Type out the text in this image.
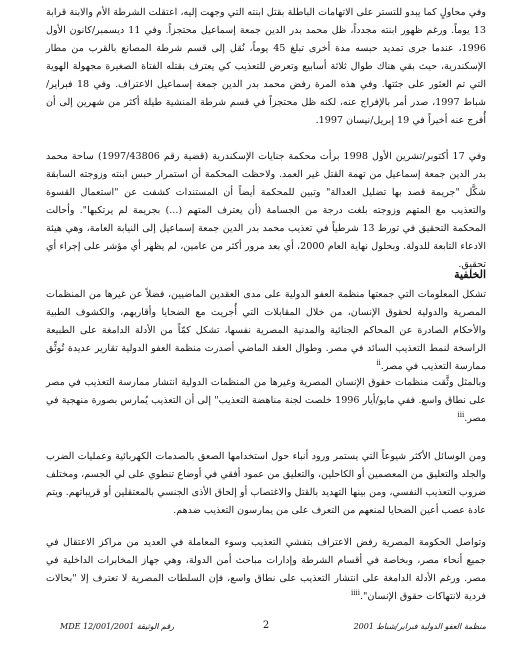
وفي محاولٍ كما يبدو للتستر على الاتهامات الباطلة بقتل ابنته التي وجهت إليه، اعتقلت الشرطة الأم والابنة قرابة 13 يوماً. ورغم ظهور ابنته مجدداً، ظل محمد بدر الدين جمعة إسماعيل محتجزاً. وفي 11 ديسمبر/كانون الأول 1996، عندما جرى تمديد حبسه مدة أخرى تبلغ 45 يوماً، نُقل إلى قسم شرطة المصانع بالقرب من مطار الإسكندرية، حيث بقي هناك طوال ثلاثة أسابيع وتعرض للتعذيب كي يعترف بقتله الفتاة الصغيرة مجهولة الهوية التي تم العثور على جثتها. وفي هذه المرة رفض محمد بدر الدين جمعة إسماعيل الاعتراف. وفي 18 فبراير/شباط 1997، صدر أمر بالإفراج عنه، لكنه ظل محتجزاً في قسم شرطة المنشية طيلة أكثر من شهرين إلى أن أُفرج عنه أخيراً في 19 إبريل/نيسان 1997.
وفي 17 أكتوبر/تشرين الأول 1998 برأت محكمة جنايات الإسكندرية (قضية رقم 1997/43806) ساحة محمد بدر الدين جمعة إسماعيل من تهمة القتل غير العمد. ولاحظت المحكمة أن استمرار حبس ابنته وزوجته السابقة شكَّل "جريمة قصد بها تضليل العدالة" وتبين للمحكمة أيضاً أن المستندات كشفت عن "استعمال القسوة والتعذيب مع المتهم وزوجته بلغت درجة من الجسامة (أن يعترف المتهم (...) بجريمة لم يرتكبها". وأحالت المحكمة التحقيق في تورط 13 شرطياً في تعذيب محمد بدر الدين جمعة إسماعيل إلى النيابة العامة، وهي هيئة الادعاء التابعة للدولة. وبحلول نهاية العام 2000، أي بعد مرور أكثر من عامين، لم يظهر أي مؤشر على إجراء أي تحقيق.
الخلفية
تشكل المعلومات التي جمعتها منظمة العفو الدولية على مدى العقدين الماضيين، فضلاً عن غيرها من المنظمات المصرية والدولية لحقوق الإنسان، من خلال المقابلات التي أُجريت مع الضحايا وأقاربهم، والكشوف الطبية والأحكام الصادرة عن المحاكم الجنائية والمدنية المصرية نفسها، تشكل كمّاً من الأدلة الدامغة على الطبيعة الراسخة لنمط التعذيب السائد في مصر. وطوال العقد الماضي أصدرت منظمة العفو الدولية تقارير عديدة تُوثِّق ممارسة التعذيب في مصر.$^{ii}$
وبالمثل وثَّقت منظمات حقوق الإنسان المصرية وغيرها من المنظمات الدولية انتشار ممارسة التعذيب في مصر على نطاق واسع. ففي مايو/أيار 1996 خلصت لجنة مناهضة التعذيب" إلى أن التعذيب يُمارس بصورة منهجية في مصر.$^{iii}$
ومن الوسائل الأكثر شيوعاً التي يستمر ورود أنباء حول استخدامها الصعق بالصدمات الكهربائية وعمليات الضرب والجلد والتعليق من المعصمين أو الكاحلين، والتعليق من عمود أفقي في أوضاع تنطوي على لي الجسم، ومختلف ضروب التعذيب النفسي، ومن بينها التهديد بالقتل والاغتصاب أو إلحاق الأذى الجنسي بالمعتقلين أو قريباتهم. ويتم عادة عصب أعين الضحايا لمنعهم من التعرف على من يمارسون التعذيب ضدهم.
وتواصل الحكومة المصرية رفض الاعتراف بتفشي التعذيب وسوء المعاملة في العديد من مراكز الاعتقال في جميع أنحاء مصر، وبخاصة في أقسام الشرطة وإدارات مباحث أمن الدولة، وهي جهاز المخابرات الداخلية في مصر. ورغم الأدلة الدامغة على انتشار التعذيب على نطاق واسع، فإن السلطات المصرية لا تعترف إلا "بحالات فردية لانتهاكات حقوق الإنسان".$^{iiii}$
MDE 12/001/2001 رقم الوثيقة	2	منظمة العفو الدولية فبراير/شباط 2001
